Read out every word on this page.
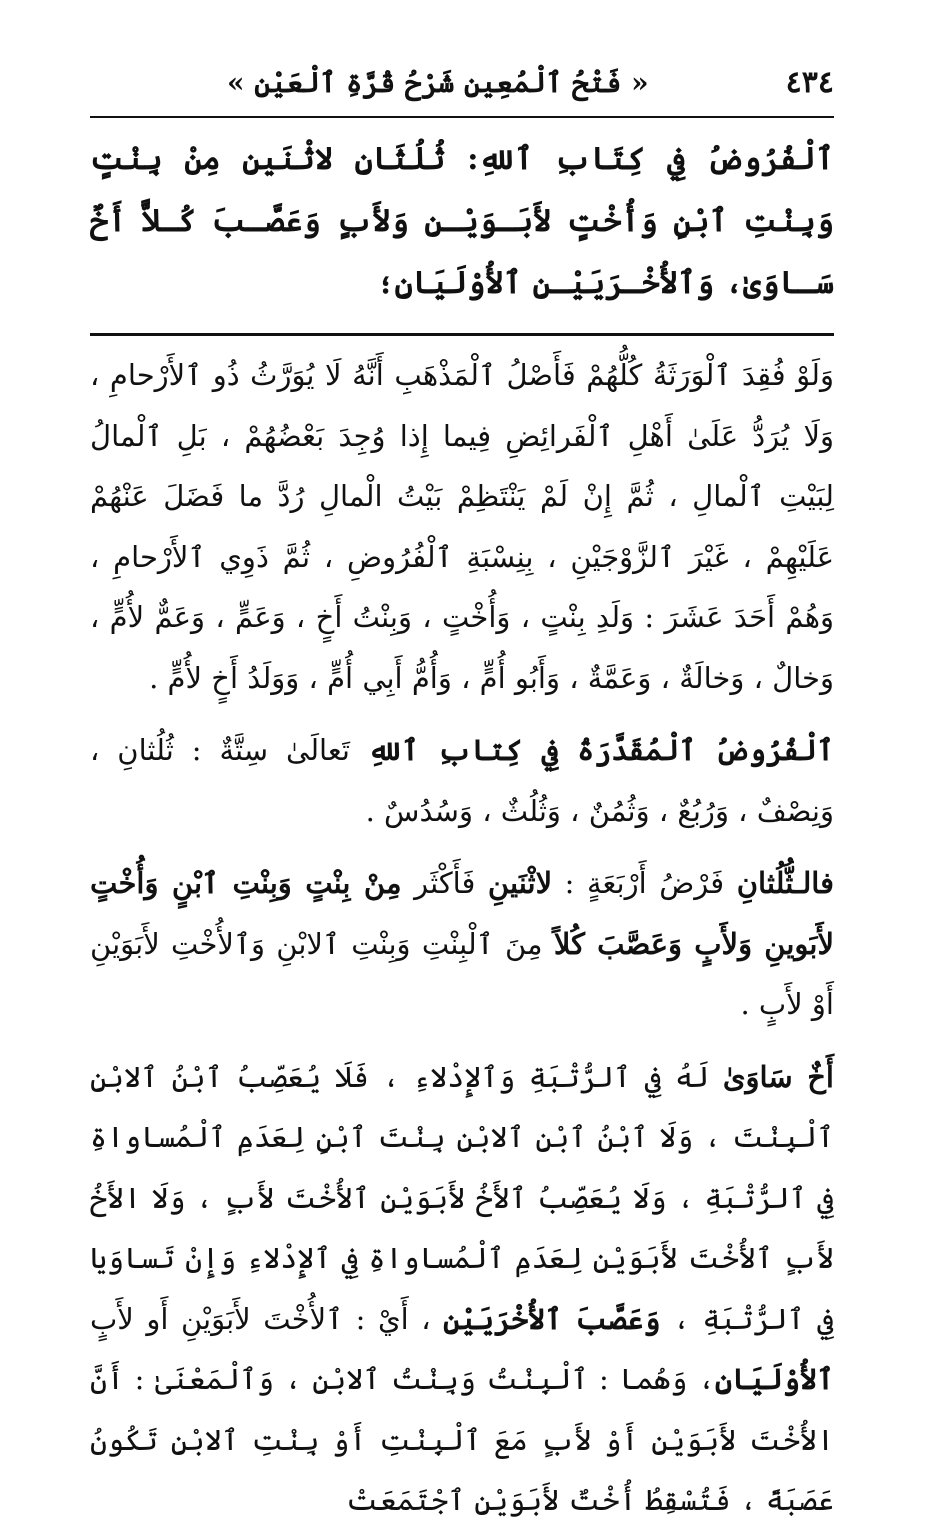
٤٣٤
« فَتْحُ ٱلْمُعِينِ شَرْحُ قُرَّةِ ٱلْعَيْنِ »
ٱلْفُرُوضُ فِي كِتَابِ ٱللهِ: ثُلُثَانِ لاثْنَينِ مِنْ بِنْتٍ وَبِنْتِ ٱبْنٍ وَأُخْتٍ لأَبَـوَيْـنِ وَلأَبٍ وَعَصَّـبَ كُـلاًّ أَخٌ سَـاوَىٰ، وَٱلأُخْـرَيَيْـنِ ٱلأُوْلَيَانِ؛

وَلَوْ فُقِدَ ٱلْوَرَثَةُ كُلُّهُمْ فَأَصْلُ ٱلْمَذْهَبِ أَنَّهُ لَا يُوَرَّثُ ذُو ٱلأَرْحامِ ، وَلَا يُرَدُّ عَلَىٰ أَهْلِ ٱلْفَرائِضِ فِيما إِذا وُجِدَ بَعْضُهُمْ ، بَلِ ٱلْمالُ لِبَيْتِ ٱلْمالِ ، ثُمَّ إِنْ لَمْ يَنْتَظِمْ بَيْتُ الْمالِ رُدَّ ما فَضَلَ عَنْهُمْ عَلَيْهِمْ ، غَيْرَ ٱلزَّوْجَيْنِ ، بِنِسْبَةِ ٱلْفُرُوضِ ، ثُمَّ ذَوِي ٱلأَرْحامِ ، وَهُمْ أَحَدَ عَشَرَ : وَلَدِ بِنْتٍ ، وَأُخْتٍ ، وَبِنْتُ أَخٍ ، وَعَمٍّ ، وَعَمٌّ لأُمٍّ ، وَخالٌ ، وَخالَةٌ ، وَعَمَّةٌ ، وَأَبُو أُمٍّ ، وَأُمُّ أَبِي أُمٍّ ، وَوَلَدُ أَخٍ لأُمٍّ .

ٱلْفُرُوضُ ٱلْمُقَدَّرَةُ فِي كِتابِ ٱللهِ تَعالَىٰ سِتَّةٌ : ثُلُثانِ ، وَنِصْفٌ ، وَرُبُعٌ ، وَثُمُنٌ ، وَثُلُثٌ ، وَسُدُسٌ .

فالـثُّلُثانِ فَرْضُ أَرْبَعَةٍ : لاثْنَينِ فَأَكْثَر مِنْ بِنْتٍ وَبِنْتِ ٱبْنٍ وَأُخْتٍ لأَبَوينِ وَلأَبٍ وَعَصَّبَ كُلاً مِنَ ٱلْبِنْتِ وَبِنْتِ ٱلابْنِ وَٱلأُخْتِ لأَبَوَيْنِ أَوْ لأَبٍ .

أَخٌ سَاوَىٰ لَهُ فِي ٱلرُّتْبَةِ وَٱلإِدْلاءِ ، فَلَا يُعَصِّبُ ٱبْنُ ٱلابْنِ ٱلْبِنْتَ ، وَلَا ٱبْنُ ٱبْنِ ٱلابْنِ بِنْتَ ٱبْنٍ لِعَدَمِ ٱلْمُساواةِ فِي ٱلرُّتْبَةِ ، وَلَا يُعَصِّبُ ٱلأَخُ لأَبَوَيْنِ ٱلأُخْتَ لأَبٍ ، وَلَا الأَخُ لأَبٍ ٱلأُخْتَ لأَبَوَيْنِ لِعَدَمِ ٱلْمُساواةِ فِي ٱلإِدْلاءِ وَإِنْ تَساوَيا فِي ٱلرُّتْبَةِ ، وَعَصَّبَ ٱلأُخْرَيَيْنِ ، أَيْ : ٱلأُخْتَ لأَبَوَيْنِ أَو لأَبٍ ٱلأُوْلَيَانِ، وَهُما : ٱلْبِنْتُ وَبِنْتُ ٱلابْنِ ، وَٱلْمَعْنَىٰ : أَنَّ الأُخْتَ لأَبَوَيْنِ أَوْ لأَبٍ مَعَ ٱلْبِنْتِ أَوْ بِنْتِ ٱلابْنِ تَكُونُ عَصَبَةً ، فَتُسْقِطُ أُخْتٌ لأَبَوَيْنِ ٱجْتَمَعَتْ
